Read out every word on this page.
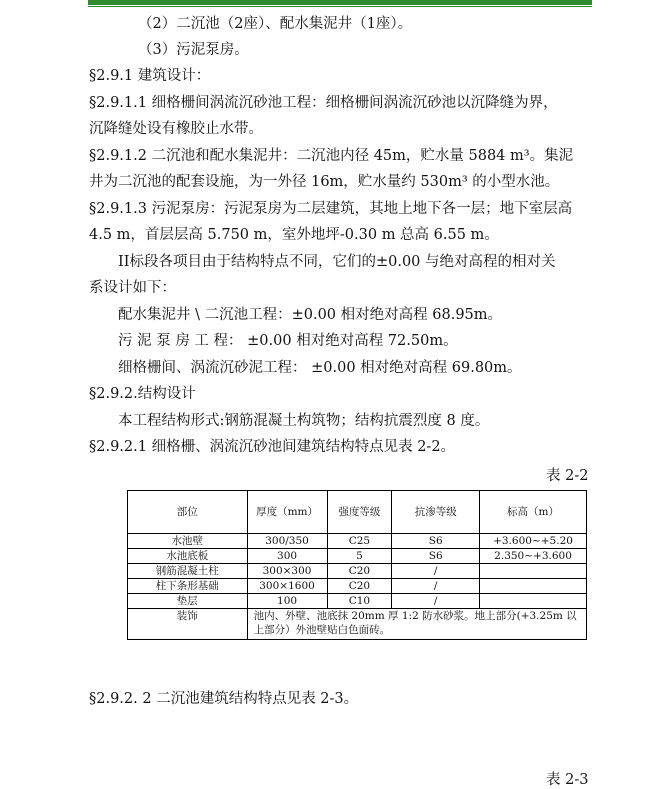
（2）二沉池（2座）、配水集泥井（1座）。
（3）污泥泵房。
§2.9.1 建筑设计：
§2.9.1.1 细格栅间涡流沉砂池工程：细格栅间涡流沉砂池以沉降缝为界，
沉降缝处设有橡胶止水带。
§2.9.1.2 二沉池和配水集泥井：二沉池内径 45m，贮水量 5884 m³。集泥
井为二沉池的配套设施，为一外径 16m，贮水量约 530m³ 的小型水池。
§2.9.1.3 污泥泵房：污泥泵房为二层建筑，其地上地下各一层；地下室层高
4.5 m，首层层高 5.750 m，室外地坪-0.30 m 总高 6.55 m。
II标段各项目由于结构特点不同，它们的±0.00 与绝对高程的相对关
系设计如下：
配水集泥井 \ 二沉池工程：±0.00 相对绝对高程 68.95m。
污 泥 泵 房 工 程： ±0.00 相对绝对高程 72.50m。
细格栅间、涡流沉砂泥工程： ±0.00 相对绝对高程 69.80m。
§2.9.2.结构设计
本工程结构形式:钢筋混凝土构筑物；结构抗震烈度 8 度。
§2.9.2.1 细格栅、涡流沉砂池间建筑结构特点见表 2-2。
表 2-2
部位	厚度（mm）	强度等级	抗渗等级	标高（m）
水池壁	300/350	C25	S6	+3.600~+5.20
水池底板	300	5	S6	2.350~+3.600
钢筋混凝土柱	300×300	C20	/	
柱下条形基础	300×1600	C20	/	
垫层	100	C10	/	
装饰	池内、外壁、池底抹 20mm 厚 1:2 防水砂浆。地上部分(+3.25m 以上部分）外池壁贴白色面砖。			
§2.9.2. 2 二沉池建筑结构特点见表 2-3。
表 2-3
